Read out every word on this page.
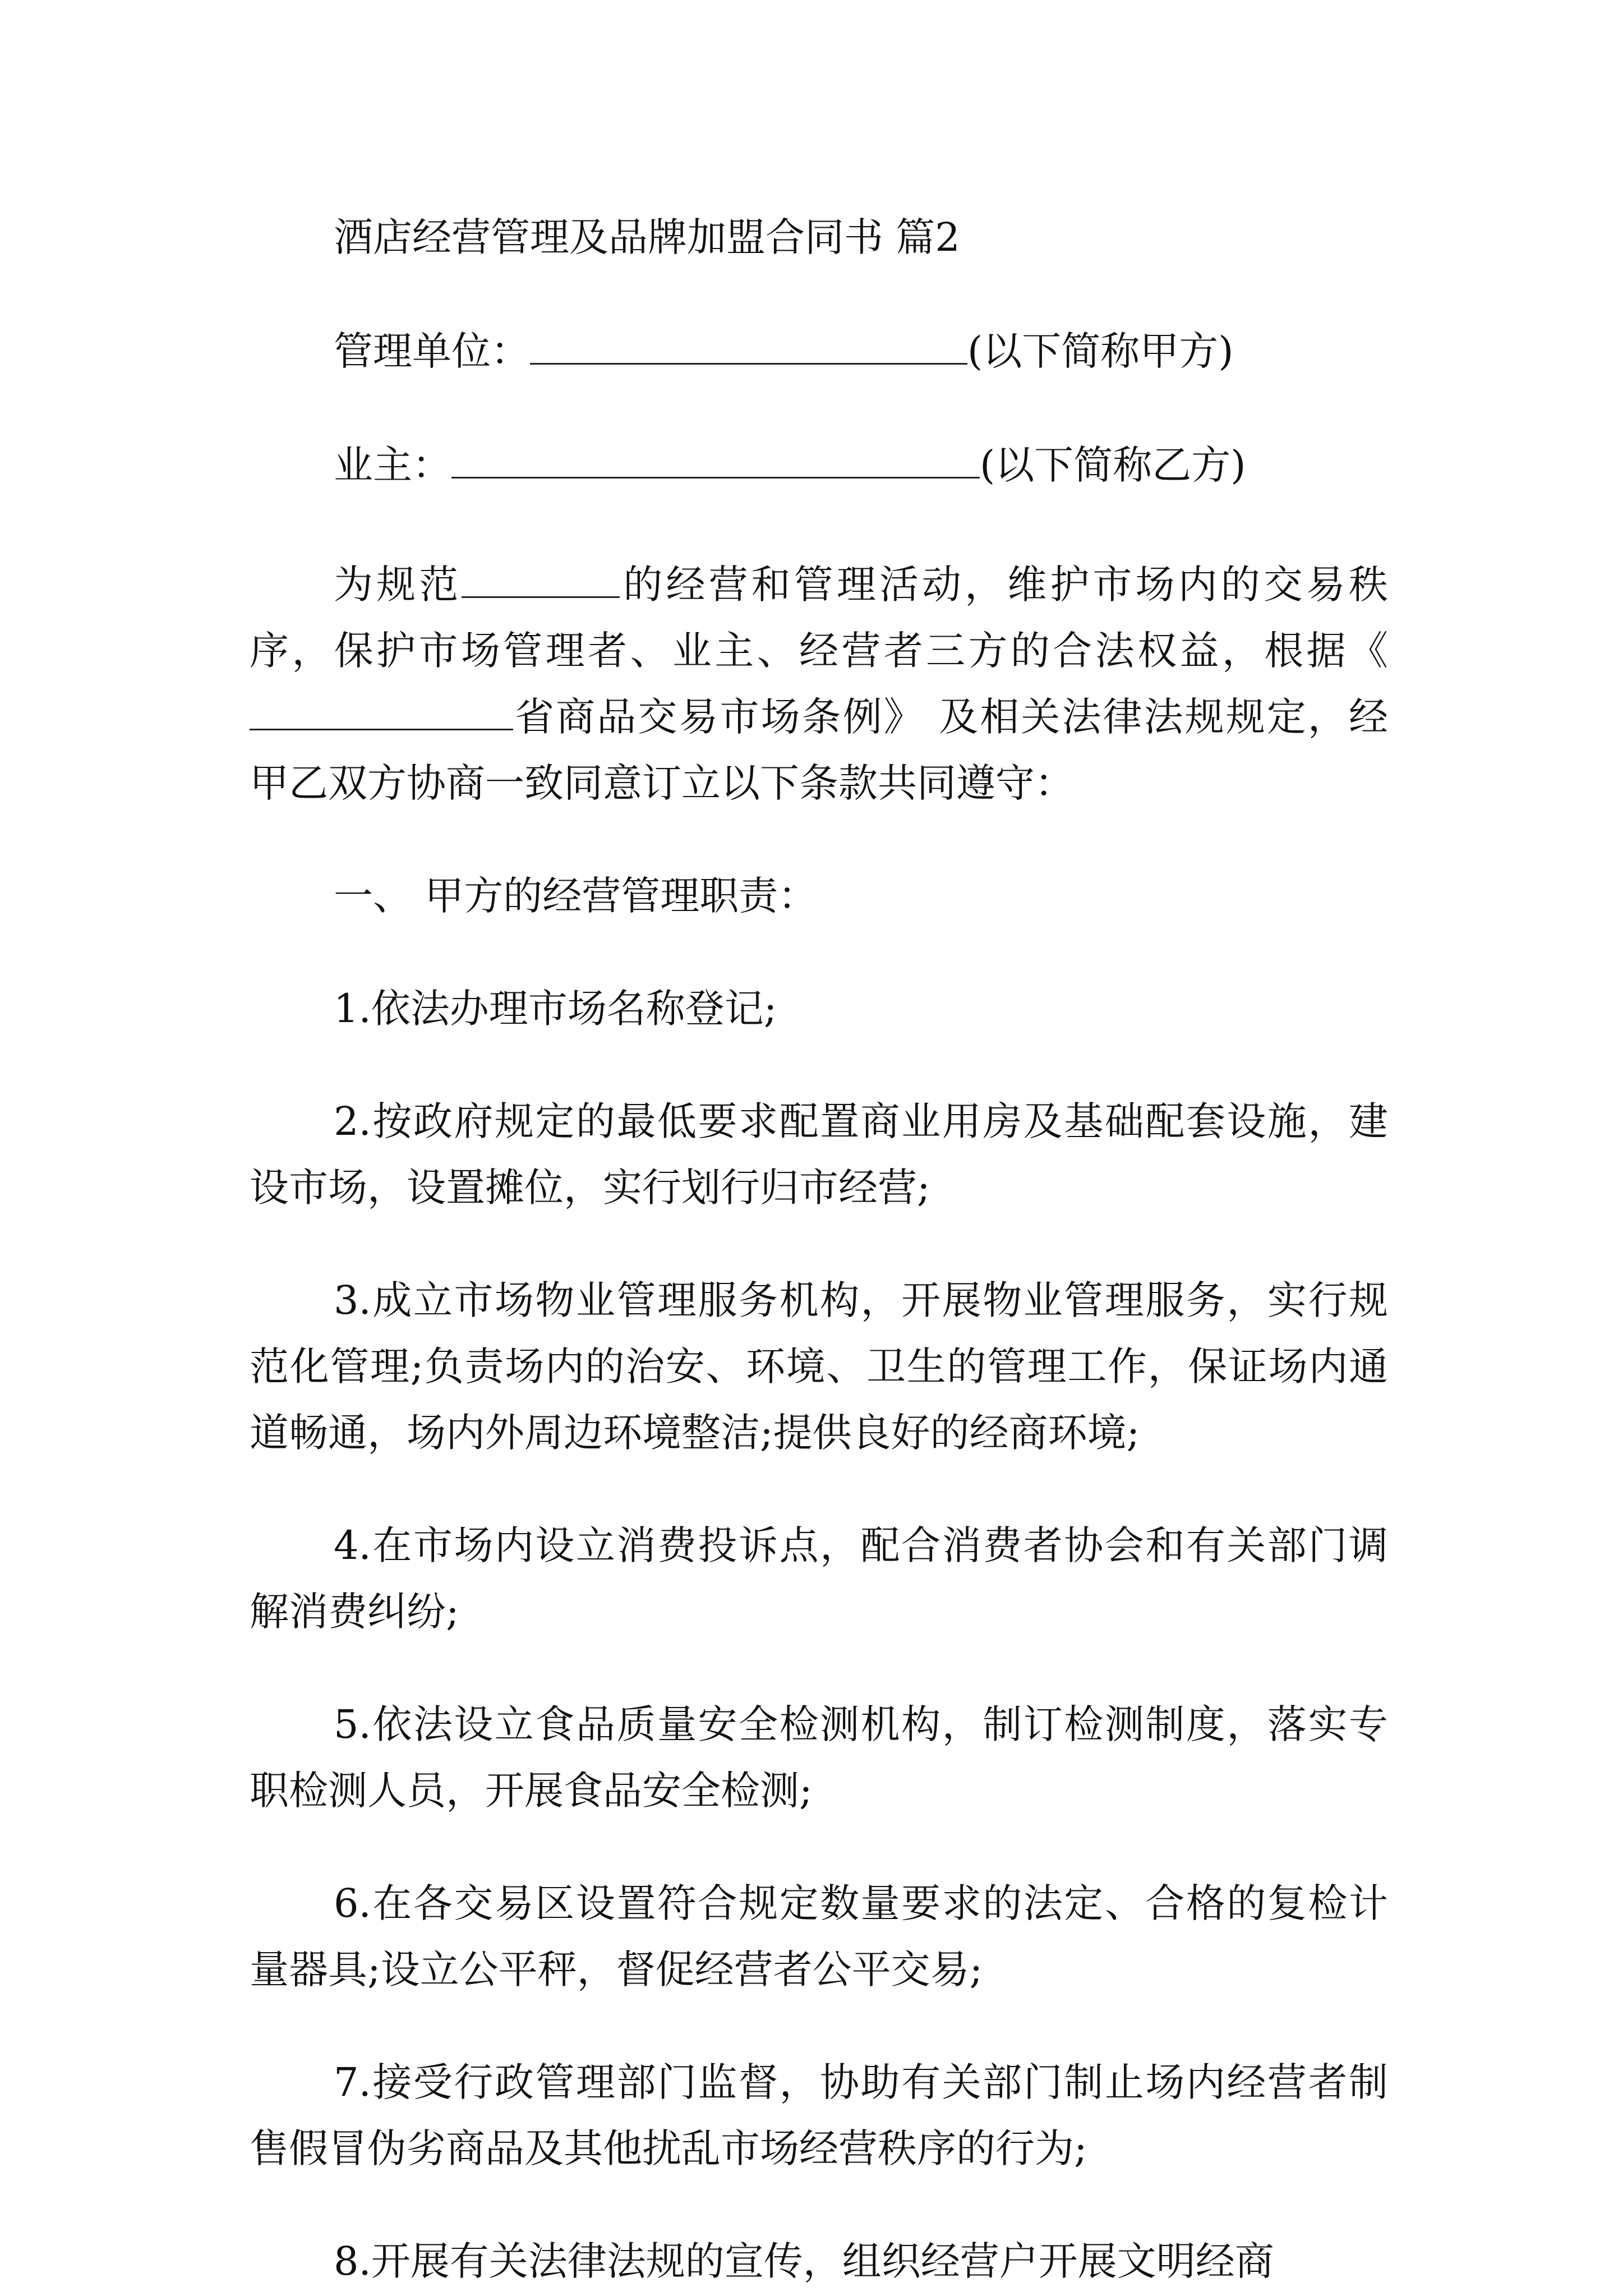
酒店经营管理及品牌加盟合同书 篇2

管理单位：	(以下简称甲方)

业主：	(以下简称乙方)

为规范	的经营和管理活动，维护市场内的交易秩序，保护市场管理者、业主、经营者三方的合法权益，根据《省商品交易市场条例》 及相关法律法规规定，经甲乙双方协商一致同意订立以下条款共同遵守：

一、 甲方的经营管理职责：

1.依法办理市场名称登记;

2.按政府规定的最低要求配置商业用房及基础配套设施，建设市场，设置摊位，实行划行归市经营;

3.成立市场物业管理服务机构，开展物业管理服务，实行规范化管理;负责场内的治安、环境、卫生的管理工作，保证场内通道畅通，场内外周边环境整洁;提供良好的经商环境;

4.在市场内设立消费投诉点，配合消费者协会和有关部门调解消费纠纷;

5.依法设立食品质量安全检测机构，制订检测制度，落实专职检测人员，开展食品安全检测;

6.在各交易区设置符合规定数量要求的法定、合格的复检计量器具;设立公平秤，督促经营者公平交易;

7.接受行政管理部门监督，协助有关部门制止场内经营者制售假冒伪劣商品及其他扰乱市场经营秩序的行为;

8.开展有关法律法规的宣传，组织经营户开展文明经商
